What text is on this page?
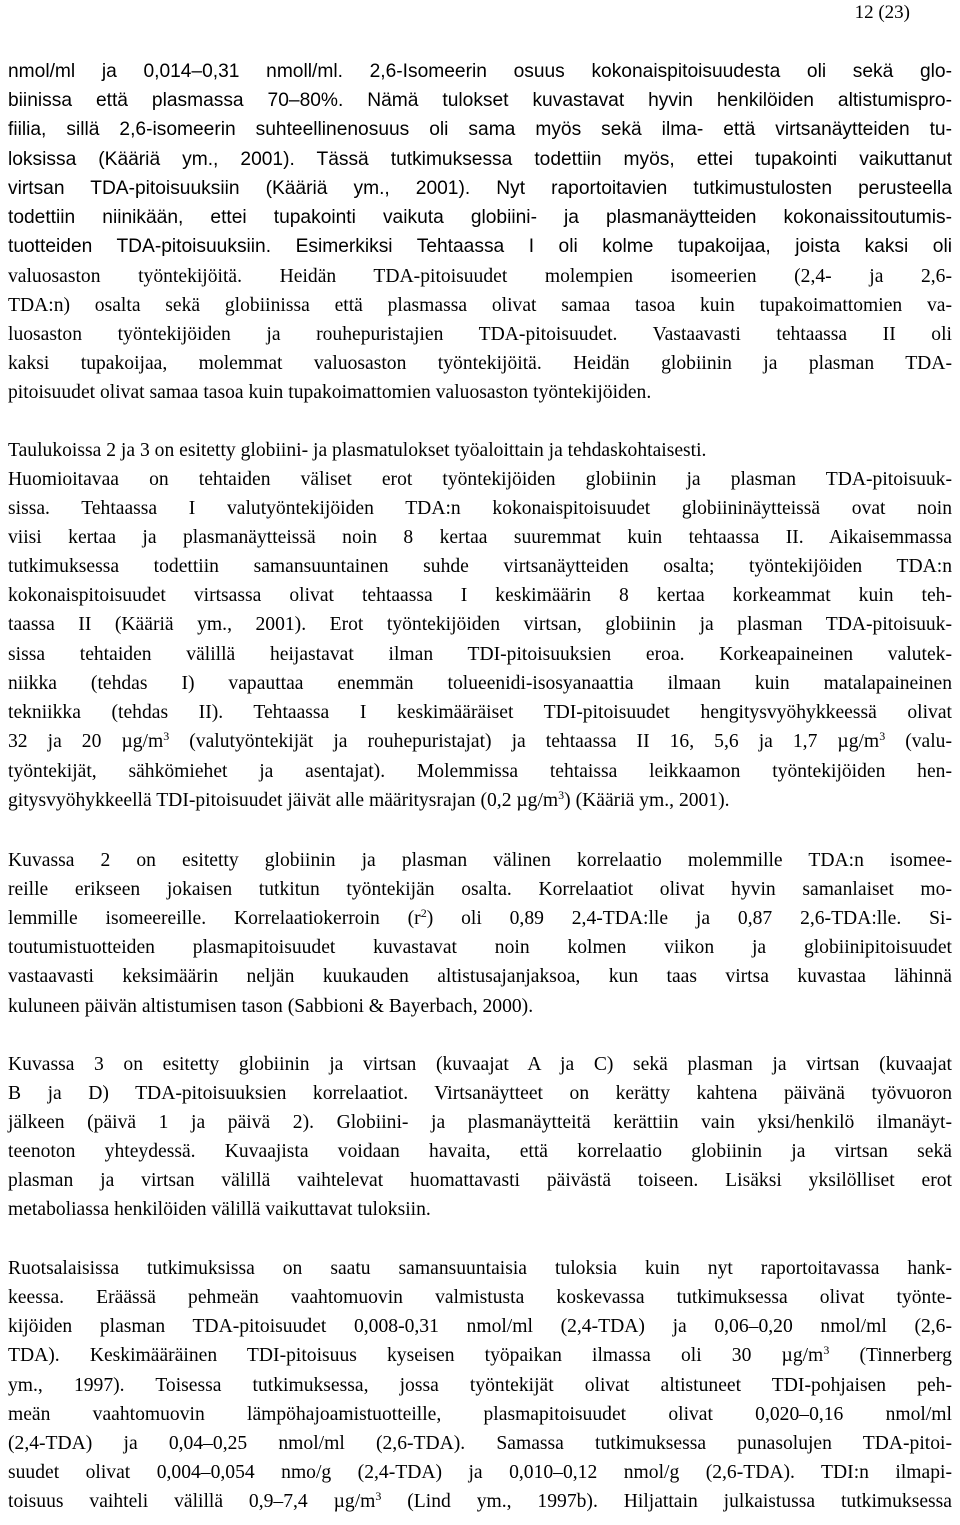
12 (23)
nmol/ml ja 0,014–0,31 nmoll/ml. 2,6-Isomeerin osuus kokonaispitoisuudesta oli sekä glo-
biinissa että plasmassa 70–80%. Nämä tulokset kuvastavat hyvin henkilöiden altistumispro-
fiilia, sillä 2,6-isomeerin suhteellinenosuus oli sama myös sekä ilma- että virtsanäytteiden tu-
loksissa (Kääriä ym., 2001). Tässä tutkimuksessa todettiin myös, ettei tupakointi vaikuttanut
virtsan TDA-pitoisuuksiin (Kääriä ym., 2001). Nyt raportoitavien tutkimustulosten perusteella
todettiin niinikään, ettei tupakointi vaikuta globiini- ja plasmanäytteiden kokonaissitoutumis-
tuotteiden TDA-pitoisuuksiin. Esimerkiksi Tehtaassa I oli kolme tupakoijaa, joista kaksi oli
valuosaston työntekijöitä. Heidän TDA-pitoisuudet molempien isomeerien (2,4- ja 2,6-
TDA:n) osalta sekä globiinissa että plasmassa olivat samaa tasoa kuin tupakoimattomien va-
luosaston työntekijöiden ja rouhepuristajien TDA-pitoisuudet. Vastaavasti tehtaassa II oli
kaksi tupakoijaa, molemmat valuosaston työntekijöitä. Heidän globiinin ja plasman TDA-
pitoisuudet olivat samaa tasoa kuin tupakoimattomien valuosaston työntekijöiden.
Taulukoissa 2 ja 3 on esitetty globiini- ja plasmatulokset työaloittain ja tehdaskohtaisesti.
Huomioitavaa on tehtaiden väliset erot työntekijöiden globiinin ja plasman TDA-pitoisuuk-
sissa. Tehtaassa I valutyöntekijöiden TDA:n kokonaispitoisuudet globiininäytteissä ovat noin
viisi kertaa ja plasmanäytteissä noin 8 kertaa suuremmat kuin tehtaassa II. Aikaisemmassa
tutkimuksessa todettiin samansuuntainen suhde virtsanäytteiden osalta; työntekijöiden TDA:n
kokonaispitoisuudet virtsassa olivat tehtaassa I keskimäärin 8 kertaa korkeammat kuin teh-
taassa II (Kääriä ym., 2001). Erot työntekijöiden virtsan, globiinin ja plasman TDA-pitoisuuk-
sissa tehtaiden välillä heijastavat ilman TDI-pitoisuuksien eroa. Korkeapaineinen valutek-
niikka (tehdas I) vapauttaa enemmän tolueenidi-isosyanaattia ilmaan kuin matalapaineinen
tekniikka (tehdas II). Tehtaassa I keskimääräiset TDI-pitoisuudet hengitysvyöhykkeessä olivat
32 ja 20 $\mu g/m^3$ (valutyöntekijät ja rouhepuristajat) ja tehtaassa II 16, 5,6 ja 1,7 $\mu g/m^3$ (valu-
työntekijät, sähkömiehet ja asentajat). Molemmissa tehtaissa leikkaamon työntekijöiden hen-
gitysvyöhykkeellä TDI-pitoisuudet jäivät alle määritysrajan (0,2 $\mu g/m^3$) (Kääriä ym., 2001).
Kuvassa 2 on esitetty globiinin ja plasman välinen korrelaatio molemmille TDA:n isomee-
reille erikseen jokaisen tutkitun työntekijän osalta. Korrelaatiot olivat hyvin samanlaiset mo-
lemmille isomeereille. Korrelaatiokerroin $(r^2)$ oli 0,89 2,4-TDA:lle ja 0,87 2,6-TDA:lle. Si-
toutumistuotteiden plasmapitoisuudet kuvastavat noin kolmen viikon ja globiinipitoisuudet
vastaavasti keksimäärin neljän kuukauden altistusajanjaksoa, kun taas virtsa kuvastaa lähinnä
kuluneen päivän altistumisen tason (Sabbioni & Bayerbach, 2000).
Kuvassa 3 on esitetty globiinin ja virtsan (kuvaajat A ja C) sekä plasman ja virtsan (kuvaajat
B ja D) TDA-pitoisuuksien korrelaatiot. Virtsanäytteet on kerätty kahtena päivänä työvuoron
jälkeen (päivä 1 ja päivä 2). Globiini- ja plasmanäytteitä kerättiin vain yksi/henkilö ilmanäyt-
teenoton yhteydessä. Kuvaajista voidaan havaita, että korrelaatio globiinin ja virtsan sekä
plasman ja virtsan välillä vaihtelevat huomattavasti päivästä toiseen. Lisäksi yksilölliset erot
metaboliassa henkilöiden välillä vaikuttavat tuloksiin.
Ruotsalaisissa tutkimuksissa on saatu samansuuntaisia tuloksia kuin nyt raportoitavassa hank-
keessa. Eräässä pehmeän vaahtomuovin valmistusta koskevassa tutkimuksessa olivat työnte-
kijöiden plasman TDA-pitoisuudet 0,008-0,31 nmol/ml (2,4-TDA) ja 0,06–0,20 nmol/ml (2,6-
TDA). Keskimääräinen TDI-pitoisuus kyseisen työpaikan ilmassa oli 30 $\mu g/m^3$ (Tinnerberg
ym., 1997). Toisessa tutkimuksessa, jossa työntekijät olivat altistuneet TDI-pohjaisen peh-
meän vaahtomuovin lämpöhajoamistuotteille, plasmapitoisuudet olivat 0,020–0,16 nmol/ml
(2,4-TDA) ja 0,04–0,25 nmol/ml (2,6-TDA). Samassa tutkimuksessa punasolujen TDA-pitoi-
suudet olivat 0,004–0,054 nmo/g (2,4-TDA) ja 0,010–0,12 nmol/g (2,6-TDA). TDI:n ilmapi-
toisuus vaihteli välillä 0,9–7,4 $\mu g/m^3$ (Lind ym., 1997b). Hiljattain julkaistussa tutkimuksessa
